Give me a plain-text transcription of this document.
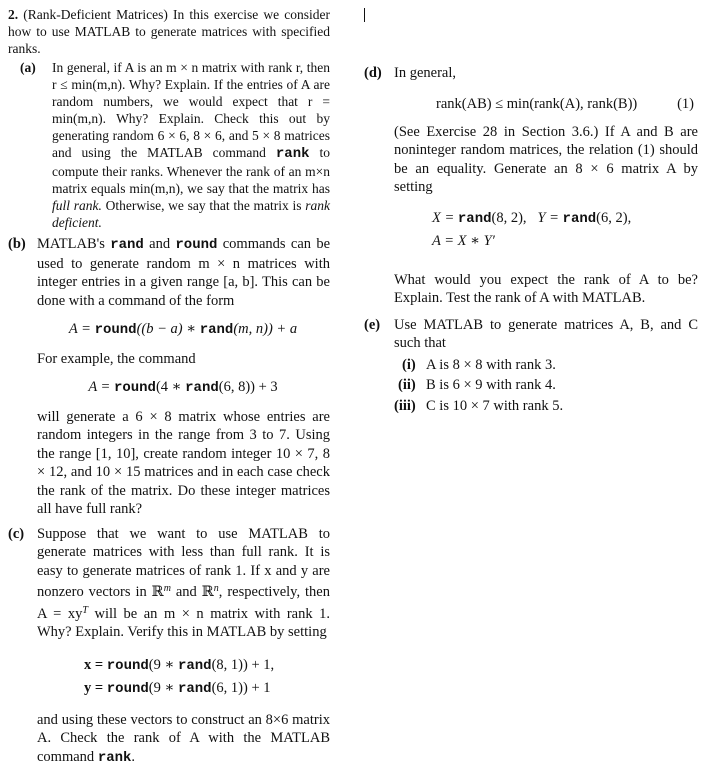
2. (Rank-Deficient Matrices) In this exercise we consider how to use MATLAB to generate matrices with specified ranks.
(a) In general, if A is an m × n matrix with rank r, then r ≤ min(m,n). Why? Explain. If the entries of A are random numbers, we would expect that r = min(m,n). Why? Explain. Check this out by generating random 6 × 6, 8 × 6, and 5 × 8 matrices and using the MATLAB command rank to compute their ranks. Whenever the rank of an m×n matrix equals min(m,n), we say that the matrix has full rank. Otherwise, we say that the matrix is rank deficient.
(b) MATLAB's rand and round commands can be used to generate random m × n matrices with integer entries in a given range [a, b]. This can be done with a command of the form
A = round((b − a) ∗ rand(m, n)) + a
For example, the command
A = round(4 ∗ rand(6, 8)) + 3
will generate a 6 × 8 matrix whose entries are random integers in the range from 3 to 7. Using the range [1, 10], create random integer 10 × 7, 8 × 12, and 10 × 15 matrices and in each case check the rank of the matrix. Do these integer matrices all have full rank?
(c) Suppose that we want to use MATLAB to generate matrices with less than full rank. It is easy to generate matrices of rank 1. If x and y are nonzero vectors in ℝ$^m$ and ℝ$^n$, respectively, then $A = xy^T$ will be an m × n matrix with rank 1. Why? Explain. Verify this in MATLAB by setting
x = round(9 ∗ rand(8, 1)) + 1,
y = round(9 ∗ rand(6, 1)) + 1
and using these vectors to construct an 8×6 matrix A. Check the rank of A with the MATLAB command rank.
(d) In general,
rank(AB) ≤ min(rank(A), rank(B))	(1)
(See Exercise 28 in Section 3.6.) If A and B are noninteger random matrices, the relation (1) should be an equality. Generate an 8 × 6 matrix A by setting
X = rand(8, 2), Y = rand(6, 2),
A = X ∗ Y′
What would you expect the rank of A to be? Explain. Test the rank of A with MATLAB.
(e) Use MATLAB to generate matrices A, B, and C such that
(i) A is 8 × 8 with rank 3.
(ii) B is 6 × 9 with rank 4.
(iii) C is 10 × 7 with rank 5.
